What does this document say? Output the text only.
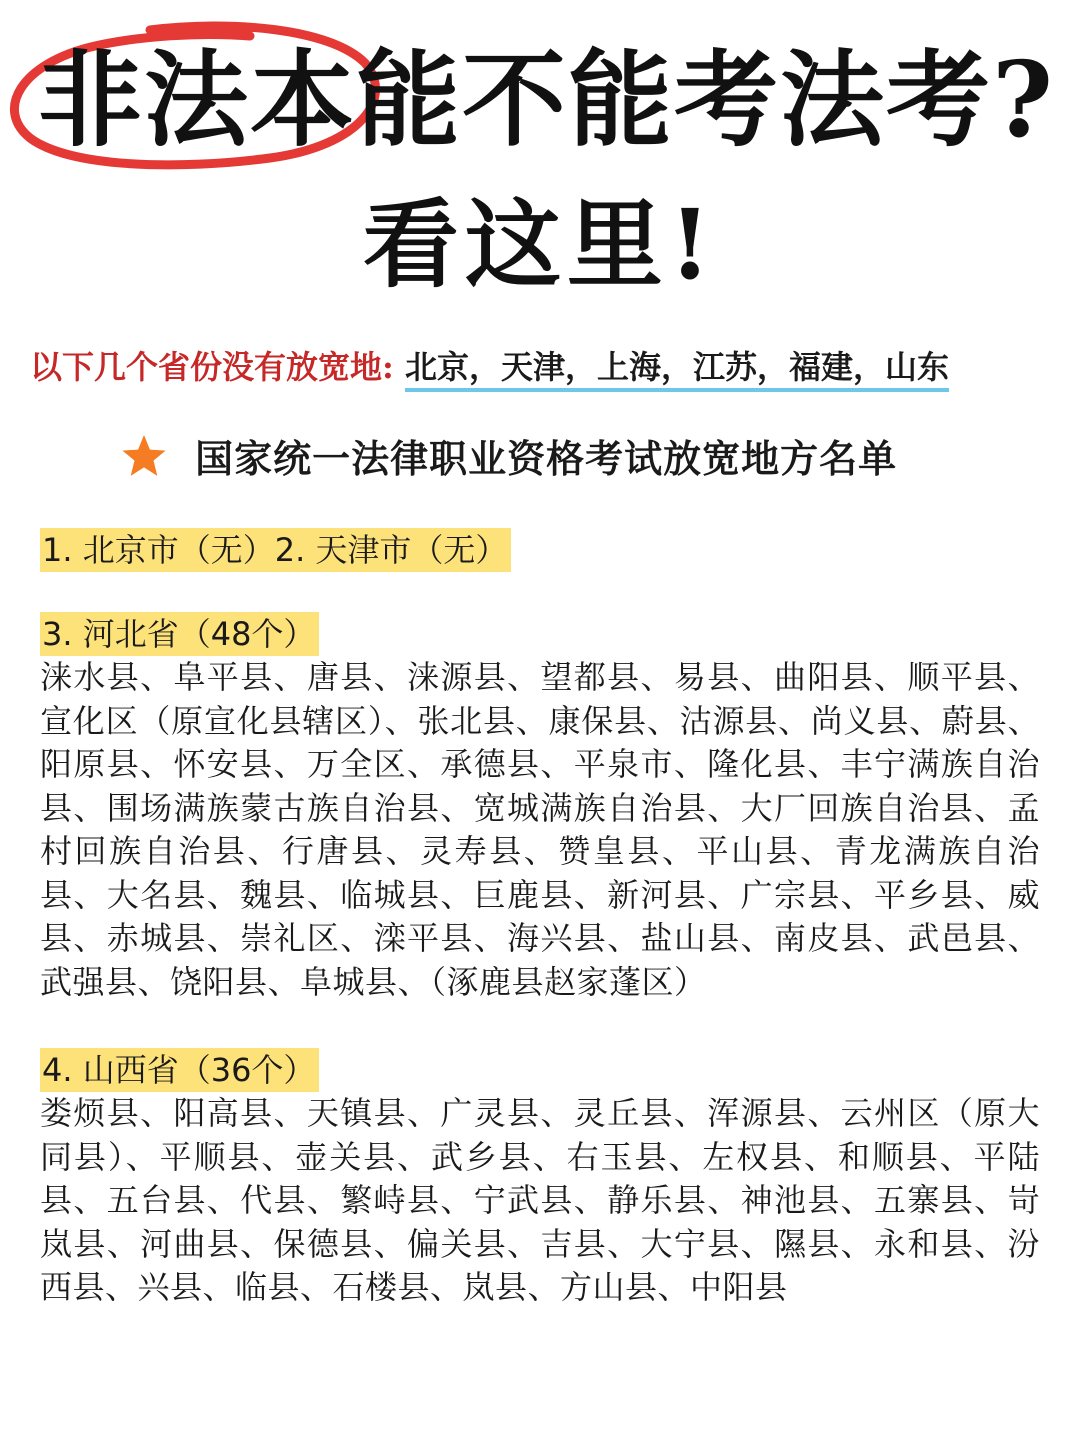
非法本能不能考法考?
看这里!
以下几个省份没有放宽地: 北京，天津，上海，江苏，福建，山东
国家统一法律职业资格考试放宽地方名单
1. 北京市（无）2. 天津市（无）
3. 河北省（48个）
涞水县、阜平县、唐县、涞源县、望都县、易县、曲阳县、顺平县、宣化区（原宣化县辖区）、张北县、康保县、沽源县、尚义县、蔚县、阳原县、怀安县、万全区、承德县、平泉市、隆化县、丰宁满族自治县、围场满族蒙古族自治县、宽城满族自治县、大厂回族自治县、孟村回族自治县、行唐县、灵寿县、赞皇县、平山县、青龙满族自治县、大名县、魏县、临城县、巨鹿县、新河县、广宗县、平乡县、威县、赤城县、崇礼区、滦平县、海兴县、盐山县、南皮县、武邑县、武强县、饶阳县、阜城县、（涿鹿县赵家蓬区）
4. 山西省（36个）
娄烦县、阳高县、天镇县、广灵县、灵丘县、浑源县、云州区（原大同县）、平顺县、壶关县、武乡县、右玉县、左权县、和顺县、平陆县、五台县、代县、繁峙县、宁武县、静乐县、神池县、五寨县、岢岚县、河曲县、保德县、偏关县、吉县、大宁县、隰县、永和县、汾西县、兴县、临县、石楼县、岚县、方山县、中阳县
